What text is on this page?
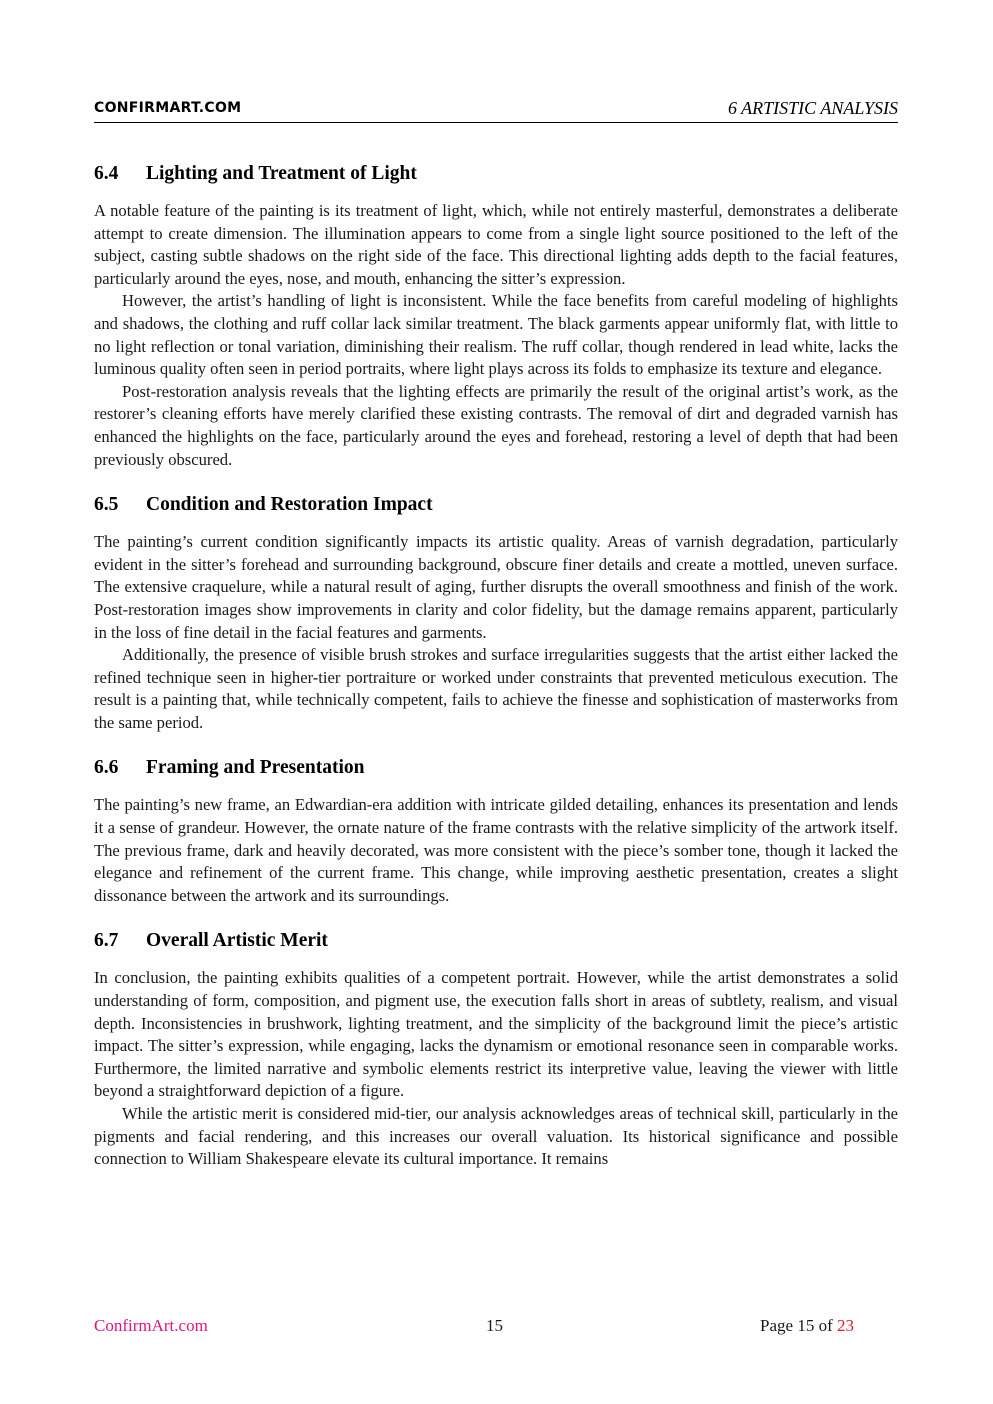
CONFIRMART.COM	6 ARTISTIC ANALYSIS
6.4 Lighting and Treatment of Light

A notable feature of the painting is its treatment of light, which, while not entirely masterful, demonstrates a deliberate attempt to create dimension. The illumination appears to come from a single light source positioned to the left of the subject, casting subtle shadows on the right side of the face. This directional lighting adds depth to the facial features, particularly around the eyes, nose, and mouth, enhancing the sitter’s expression.

However, the artist’s handling of light is inconsistent. While the face benefits from careful modeling of highlights and shadows, the clothing and ruff collar lack similar treatment. The black garments appear uniformly flat, with little to no light reflection or tonal variation, diminishing their realism. The ruff collar, though rendered in lead white, lacks the luminous quality often seen in period portraits, where light plays across its folds to emphasize its texture and elegance.

Post-restoration analysis reveals that the lighting effects are primarily the result of the original artist’s work, as the restorer’s cleaning efforts have merely clarified these existing contrasts. The removal of dirt and degraded varnish has enhanced the highlights on the face, particularly around the eyes and forehead, restoring a level of depth that had been previously obscured.

6.5 Condition and Restoration Impact

The painting’s current condition significantly impacts its artistic quality. Areas of varnish degradation, particularly evident in the sitter’s forehead and surrounding background, obscure finer details and create a mottled, uneven surface. The extensive craquelure, while a natural result of aging, further disrupts the overall smoothness and finish of the work. Post-restoration images show improvements in clarity and color fidelity, but the damage remains apparent, particularly in the loss of fine detail in the facial features and garments.

Additionally, the presence of visible brush strokes and surface irregularities suggests that the artist either lacked the refined technique seen in higher-tier portraiture or worked under constraints that prevented meticulous execution. The result is a painting that, while technically competent, fails to achieve the finesse and sophistication of masterworks from the same period.

6.6 Framing and Presentation

The painting’s new frame, an Edwardian-era addition with intricate gilded detailing, enhances its presentation and lends it a sense of grandeur. However, the ornate nature of the frame contrasts with the relative simplicity of the artwork itself. The previous frame, dark and heavily decorated, was more consistent with the piece’s somber tone, though it lacked the elegance and refinement of the current frame. This change, while improving aesthetic presentation, creates a slight dissonance between the artwork and its surroundings.

6.7 Overall Artistic Merit

In conclusion, the painting exhibits qualities of a competent portrait. However, while the artist demonstrates a solid understanding of form, composition, and pigment use, the execution falls short in areas of subtlety, realism, and visual depth. Inconsistencies in brushwork, lighting treatment, and the simplicity of the background limit the piece’s artistic impact. The sitter’s expression, while engaging, lacks the dynamism or emotional resonance seen in comparable works. Furthermore, the limited narrative and symbolic elements restrict its interpretive value, leaving the viewer with little beyond a straightforward depiction of a figure.

While the artistic merit is considered mid-tier, our analysis acknowledges areas of technical skill, particularly in the pigments and facial rendering, and this increases our overall valuation. Its historical significance and possible connection to William Shakespeare elevate its cultural importance. It remains

ConfirmArt.com	15	Page 15 of 23
